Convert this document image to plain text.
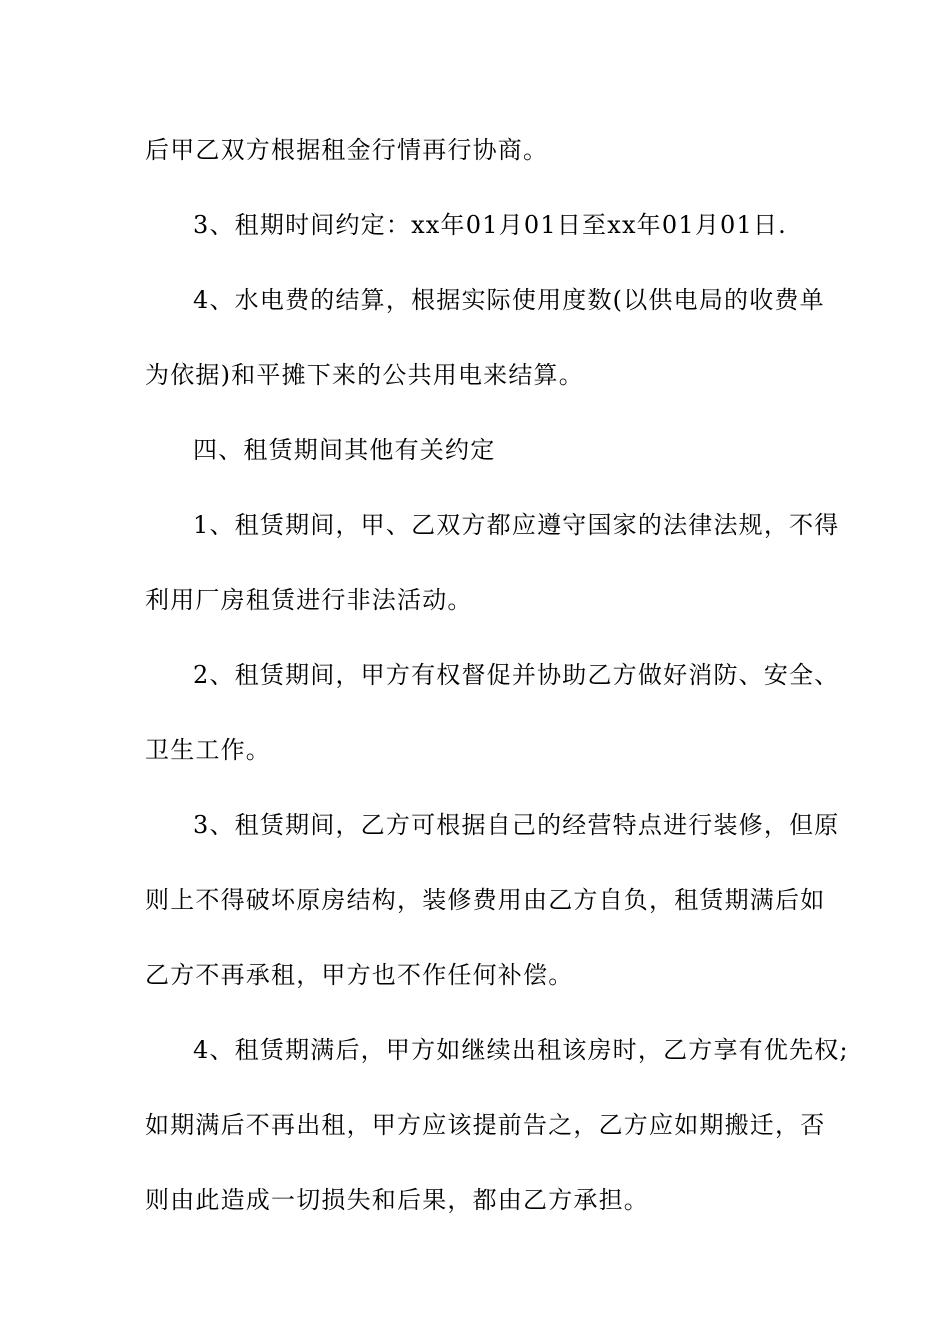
后甲乙双方根据租金行情再行协商。
3、租期时间约定：xx年01月01日至xx年01月01日.
4、水电费的结算，根据实际使用度数(以供电局的收费单
为依据)和平摊下来的公共用电来结算。
四、租赁期间其他有关约定
1、租赁期间，甲、乙双方都应遵守国家的法律法规，不得
利用厂房租赁进行非法活动。
2、租赁期间，甲方有权督促并协助乙方做好消防、安全、
卫生工作。
3、租赁期间，乙方可根据自己的经营特点进行装修，但原
则上不得破坏原房结构，装修费用由乙方自负，租赁期满后如
乙方不再承租，甲方也不作任何补偿。
4、租赁期满后，甲方如继续出租该房时，乙方享有优先权;
如期满后不再出租，甲方应该提前告之，乙方应如期搬迁，否
则由此造成一切损失和后果，都由乙方承担。
